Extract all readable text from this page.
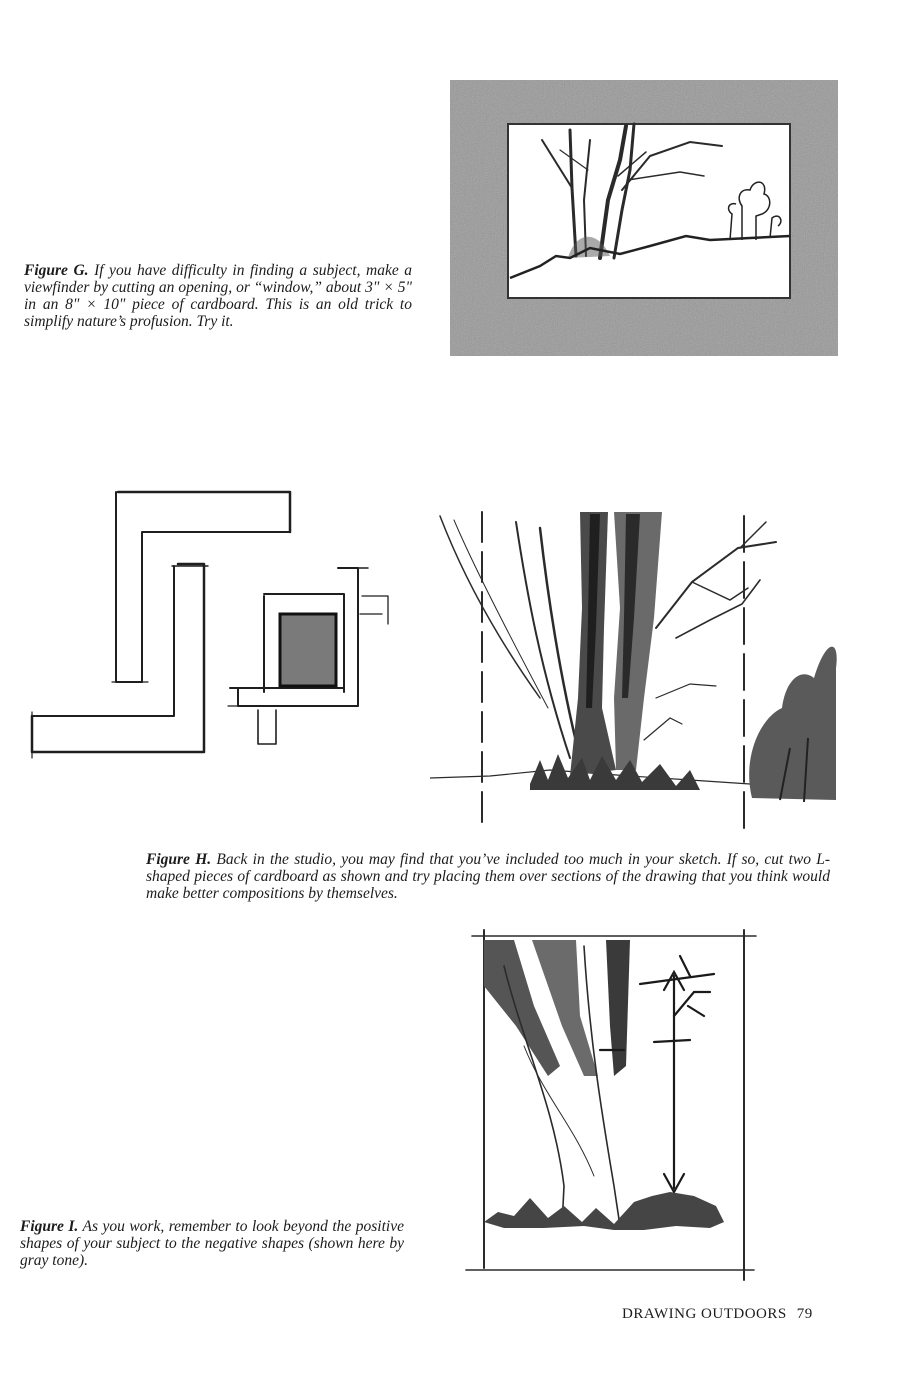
Figure G. If you have difficulty in finding a subject, make a viewfinder by cutting an opening, or “window,” about 3" × 5" in an 8" × 10" piece of cardboard. This is an old trick to simplify nature’s profusion. Try it.
Figure H. Back in the studio, you may find that you’ve included too much in your sketch. If so, cut two L-shaped pieces of cardboard as shown and try placing them over sections of the drawing that you think would make better compositions by themselves.
Figure I. As you work, remember to look beyond the positive shapes of your subject to the negative shapes (shown here by gray tone).
DRAWING OUTDOORS 79
